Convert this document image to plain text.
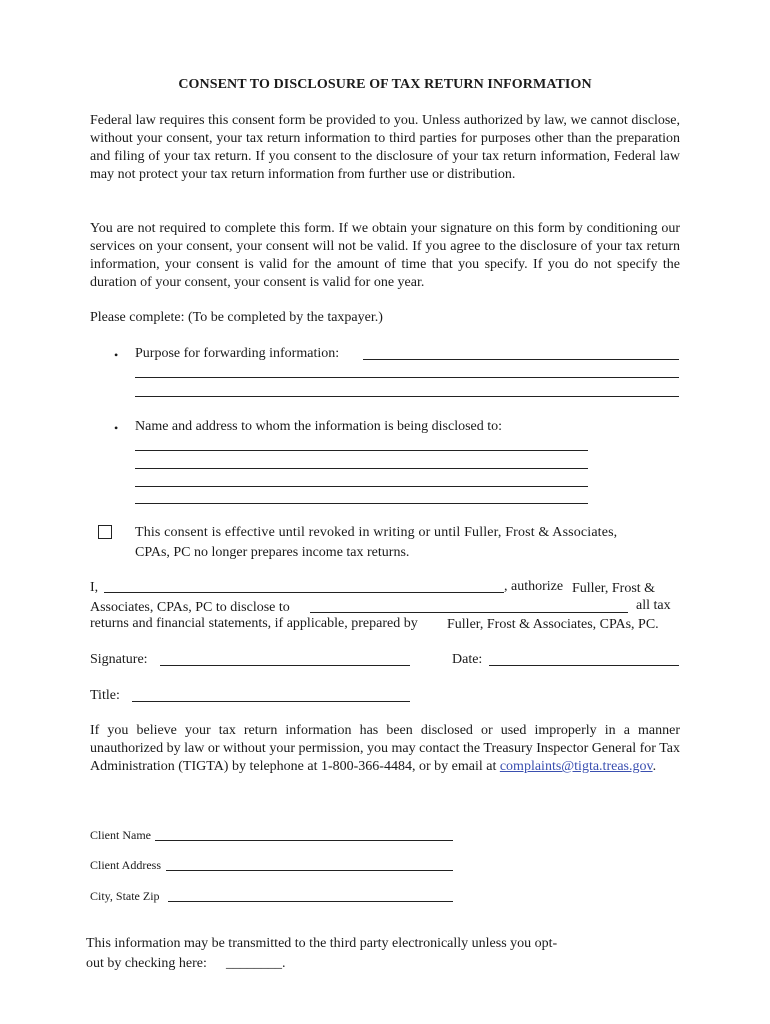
CONSENT TO DISCLOSURE OF TAX RETURN INFORMATION
Federal law requires this consent form be provided to you. Unless authorized by law, we cannot disclose, without your consent, your tax return information to third parties for purposes other than the preparation and filing of your tax return. If you consent to the disclosure of your tax return information, Federal law may not protect your tax return information from further use or distribution.
You are not required to complete this form. If we obtain your signature on this form by conditioning our services on your consent, your consent will not be valid. If you agree to the disclosure of your tax return information, your consent is valid for the amount of time that you specify. If you do not specify the duration of your consent, your consent is valid for one year.
Please complete: (To be completed by the taxpayer.)
• Purpose for forwarding information:
• Name and address to whom the information is being disclosed to:
This consent is effective until revoked in writing or until Fuller, Frost & Associates,
CPAs, PC no longer prepares income tax returns.
I,	, authorize Fuller, Frost &
Associates, CPAs, PC to disclose to	all tax
returns and financial statements, if applicable, prepared by Fuller, Frost & Associates, CPAs, PC.
Signature:	Date:
Title:
If you believe your tax return information has been disclosed or used improperly in a manner unauthorized by law or without your permission, you may contact the Treasury Inspector General for Tax Administration (TIGTA) by telephone at 1-800-366-4484, or by email at complaints@tigta.treas.gov.
Client Name
Client Address
City, State Zip
This information may be transmitted to the third party electronically unless you opt-
out by checking here: ________.
